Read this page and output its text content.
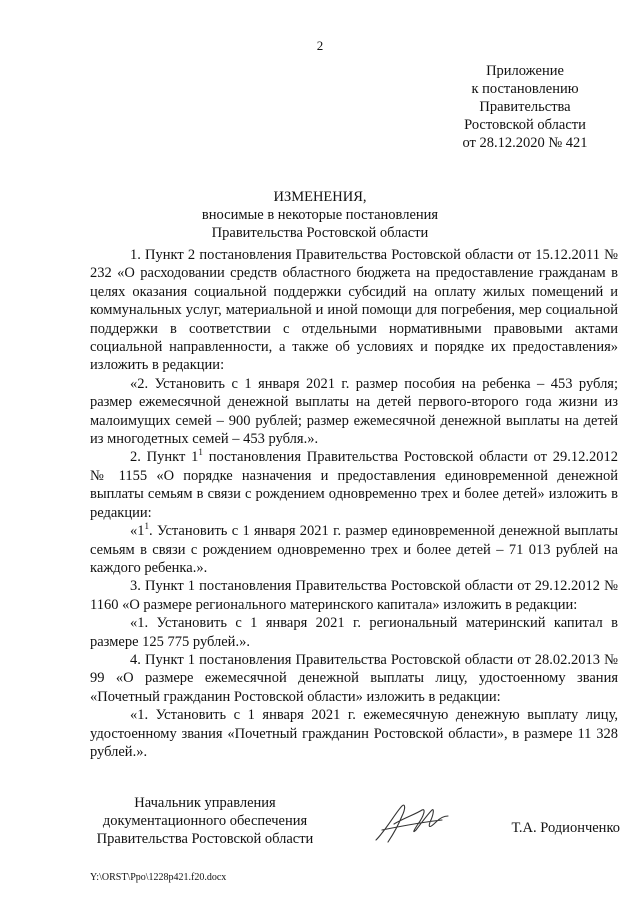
2
Приложение
к постановлению
Правительства
Ростовской области
от 28.12.2020 № 421
ИЗМЕНЕНИЯ,
вносимые в некоторые постановления
Правительства Ростовской области

1. Пункт 2 постановления Правительства Ростовской области от 15.12.2011 № 232 «О расходовании средств областного бюджета на предоставление гражданам в целях оказания социальной поддержки субсидий на оплату жилых помещений и коммунальных услуг, материальной и иной помощи для погребения, мер социальной поддержки в соответствии с отдельными нормативными правовыми актами социальной направленности, а также об условиях и порядке их предоставления» изложить в редакции:

«2. Установить с 1 января 2021 г. размер пособия на ребенка – 453 рубля; размер ежемесячной денежной выплаты на детей первого-второго года жизни из малоимущих семей – 900 рублей; размер ежемесячной денежной выплаты на детей из многодетных семей – 453 рубля.».

2. Пункт $1^1$ постановления Правительства Ростовской области от 29.12.2012 № 1155 «О порядке назначения и предоставления единовременной денежной выплаты семьям в связи с рождением одновременно трех и более детей» изложить в редакции:

«$1^1$. Установить с 1 января 2021 г. размер единовременной денежной выплаты семьям в связи с рождением одновременно трех и более детей – 71 013 рублей на каждого ребенка.».

3. Пункт 1 постановления Правительства Ростовской области от 29.12.2012 № 1160 «О размере регионального материнского капитала» изложить в редакции:

«1. Установить с 1 января 2021 г. региональный материнский капитал в размере 125 775 рублей.».

4. Пункт 1 постановления Правительства Ростовской области от 28.02.2013 № 99 «О размере ежемесячной денежной выплаты лицу, удостоенному звания «Почетный гражданин Ростовской области» изложить в редакции:

«1. Установить с 1 января 2021 г. ежемесячную денежную выплату лицу, удостоенному звания «Почетный гражданин Ростовской области», в размере 11 328 рублей.».

Начальник управления
документационного обеспечения
Правительства Ростовской области
Т.А. Родионченко
Y:\ORST\Ppo\1228p421.f20.docx
